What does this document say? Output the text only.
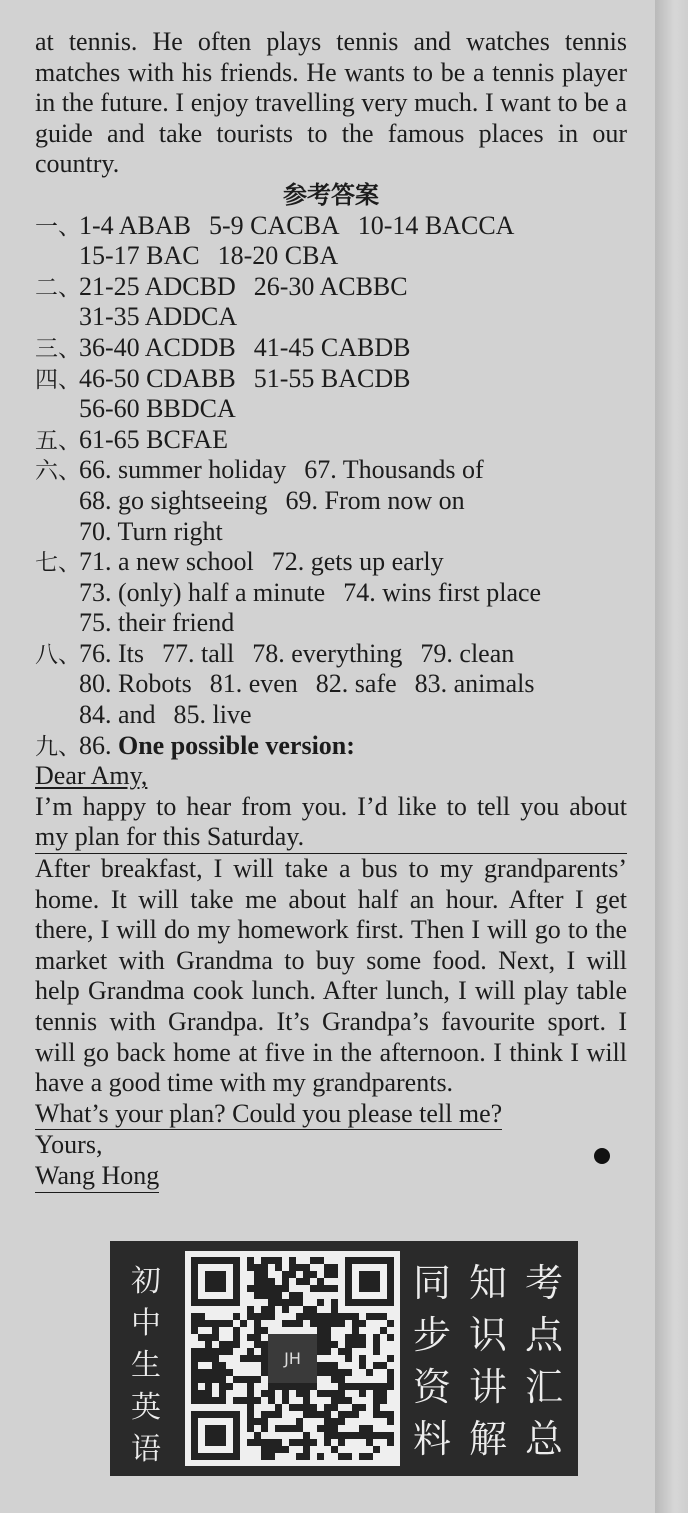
at tennis. He often plays tennis and watches tennis matches with his friends. He wants to be a tennis player in the future. I enjoy travelling very much. I want to be a guide and take tourists to the famous places in our country.

参考答案

一、1-4 ABAB 5-9 CACBA 10-14 BACCA
15-17 BAC 18-20 CBA
二、21-25 ADCBD 26-30 ACBBC
31-35 ADDCA
三、36-40 ACDDB 41-45 CABDB
四、46-50 CDABB 51-55 BACDB
56-60 BBDCA
五、61-65 BCFAE
六、66. summer holiday 67. Thousands of
68. go sightseeing 69. From now on
70. Turn right
七、71. a new school 72. gets up early
73. (only) half a minute 74. wins first place
75. their friend
八、76. Its 77. tall 78. everything 79. clean
80. Robots 81. even 82. safe 83. animals
84. and 85. live
九、86. One possible version:
Dear Amy,

I’m happy to hear from you. I’d like to tell you about my plan for this Saturday.

After breakfast, I will take a bus to my grandparents’ home. It will take me about half an hour. After I get there, I will do my homework first. Then I will go to the market with Grandma to buy some food. Next, I will help Grandma cook lunch. After lunch, I will play table tennis with Grandpa. It’s Grandpa’s favourite sport. I will go back home at five in the afternoon. I think I will have a good time with my grandparents.

What’s your plan? Could you please tell me?
Yours,
Wang Hong
初
中
生
英
语
JH
同
步
资
料
知
识
讲
解
考
点
汇
总
